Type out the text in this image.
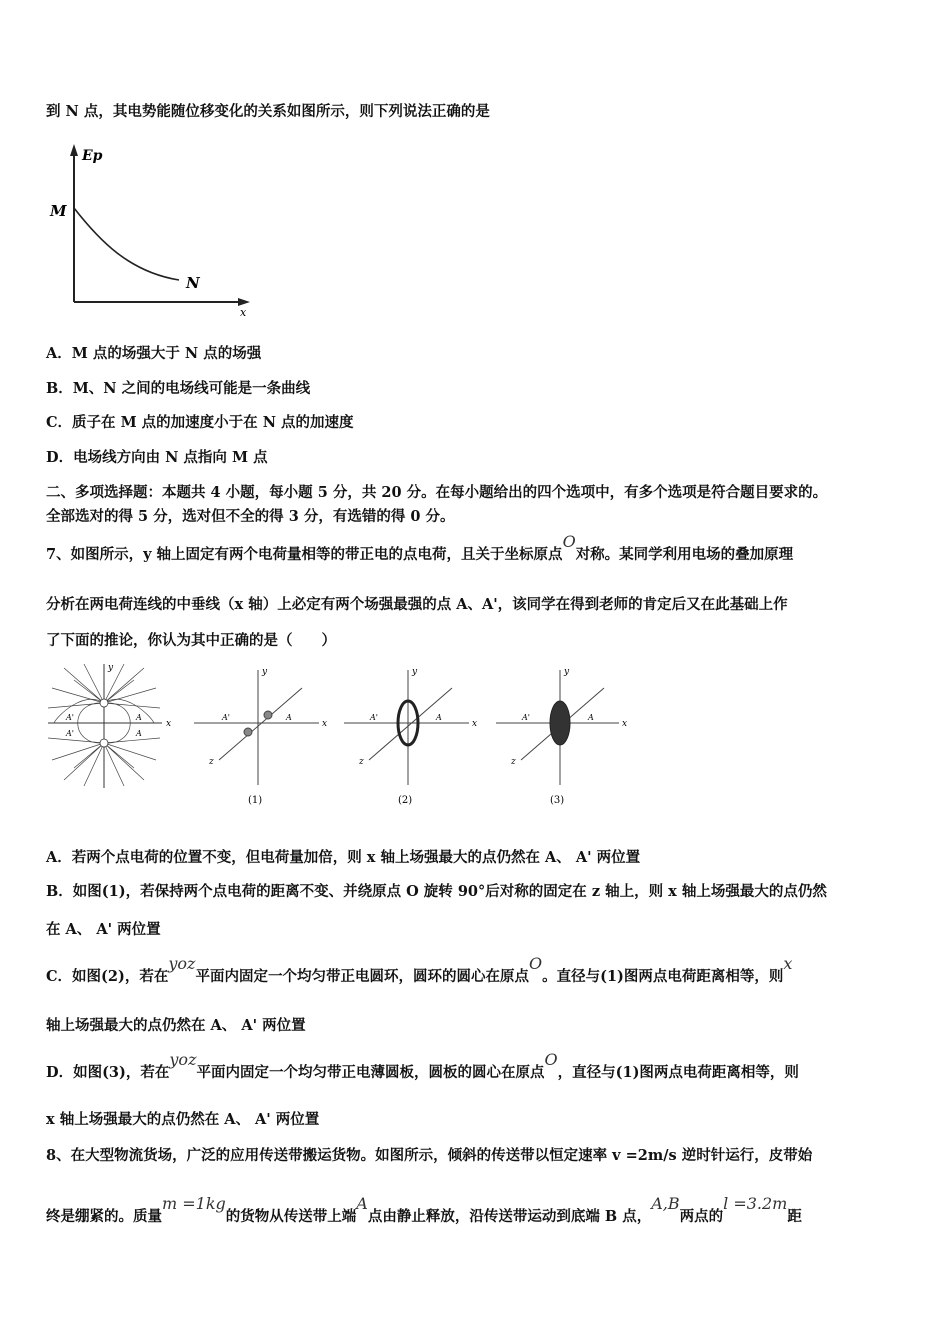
到 N 点，其电势能随位移变化的关系如图所示，则下列说法正确的是
Ep
x
M
N
A．M 点的场强大于 N 点的场强
B．M、N 之间的电场线可能是一条曲线
C．质子在 M 点的加速度小于在 N 点的加速度
D．电场线方向由 N 点指向 M 点
二、多项选择题：本题共 4 小题，每小题 5 分，共 20 分。在每小题给出的四个选项中，有多个选项是符合题目要求的。
全部选对的得 5 分，选对但不全的得 3 分，有选错的得 0 分。
7、如图所示，y 轴上固定有两个电荷量相等的带正电的点电荷，且关于坐标原点O对称。某同学利用电场的叠加原理
分析在两电荷连线的中垂线（x 轴）上必定有两个场强最强的点 A、A'，该同学在得到老师的肯定后又在此基础上作
了下面的推论，你认为其中正确的是（　　）
x
y
A'	A
A'	A
x
y
z
A'	A
(1)
x
y
z
A'	A
(2)
x
y
z
A'	A
(3)
A．若两个点电荷的位置不变，但电荷量加倍，则 x 轴上场强最大的点仍然在 A、 A' 两位置
B．如图(1)，若保持两个点电荷的距离不变、并绕原点 O 旋转 90°后对称的固定在 z 轴上，则 x 轴上场强最大的点仍然
在 A、 A' 两位置
C．如图(2)，若在yoz平面内固定一个均匀带正电圆环，圆环的圆心在原点O。直径与(1)图两点电荷距离相等，则x
轴上场强最大的点仍然在 A、 A' 两位置
D．如图(3)，若在yoz平面内固定一个均匀带正电薄圆板，圆板的圆心在原点O，直径与(1)图两点电荷距离相等，则
x 轴上场强最大的点仍然在 A、 A' 两位置
8、在大型物流货场，广泛的应用传送带搬运货物。如图所示，倾斜的传送带以恒定速率 v =2m/s 逆时针运行，皮带始
终是绷紧的。质量m =1kg的货物从传送带上端A点由静止释放，沿传送带运动到底端 B 点，A,B两点的l =3.2m距
